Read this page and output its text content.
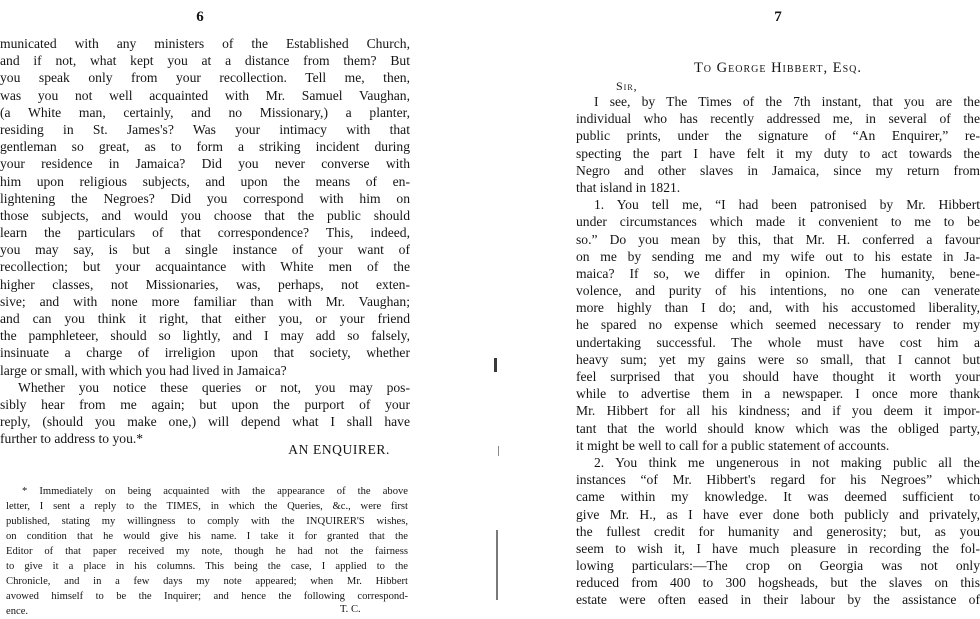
6
municated with any ministers of the Established Church,
and if not, what kept you at a distance from them? But
you speak only from your recollection. Tell me, then,
was you not well acquainted with Mr. Samuel Vaughan,
(a White man, certainly, and no Missionary,) a planter,
residing in St. James's? Was your intimacy with that
gentleman so great, as to form a striking incident during
your residence in Jamaica? Did you never converse with
him upon religious subjects, and upon the means of en-
lightening the Negroes? Did you correspond with him on
those subjects, and would you choose that the public should
learn the particulars of that correspondence? This, indeed,
you may say, is but a single instance of your want of
recollection; but your acquaintance with White men of the
higher classes, not Missionaries, was, perhaps, not exten-
sive; and with none more familiar than with Mr. Vaughan;
and can you think it right, that either you, or your friend
the pamphleteer, should so lightly, and I may add so falsely,
insinuate a charge of irreligion upon that society, whether
large or small, with which you had lived in Jamaica?
Whether you notice these queries or not, you may pos-
sibly hear from me again; but upon the purport of your
reply, (should you make one,) will depend what I shall have
further to address to you.*
AN ENQUIRER.
* Immediately on being acquainted with the appearance of the above
letter, I sent a reply to the TIMES, in which the Queries, &c., were first
published, stating my willingness to comply with the INQUIRER'S wishes,
on condition that he would give his name. I take it for granted that the
Editor of that paper received my note, though he had not the fairness
to give it a place in his columns. This being the case, I applied to the
Chronicle, and in a few days my note appeared; when Mr. Hibbert
avowed himself to be the Inquirer; and hence the following correspond-
ence.	T. C.
7
To George Hibbert, Esq.
Sir,
I see, by The Times of the 7th instant, that you are the
individual who has recently addressed me, in several of the
public prints, under the signature of “An Enquirer,” re-
specting the part I have felt it my duty to act towards the
Negro and other slaves in Jamaica, since my return from
that island in 1821.
1. You tell me, “I had been patronised by Mr. Hibbert
under circumstances which made it convenient to me to be
so.” Do you mean by this, that Mr. H. conferred a favour
on me by sending me and my wife out to his estate in Ja-
maica? If so, we differ in opinion. The humanity, bene-
volence, and purity of his intentions, no one can venerate
more highly than I do; and, with his accustomed liberality,
he spared no expense which seemed necessary to render my
undertaking successful. The whole must have cost him a
heavy sum; yet my gains were so small, that I cannot but
feel surprised that you should have thought it worth your
while to advertise them in a newspaper. I once more thank
Mr. Hibbert for all his kindness; and if you deem it impor-
tant that the world should know which was the obliged party,
it might be well to call for a public statement of accounts.
2. You think me ungenerous in not making public all the
instances “of Mr. Hibbert's regard for his Negroes” which
came within my knowledge. It was deemed sufficient to
give Mr. H., as I have ever done both publicly and privately,
the fullest credit for humanity and generosity; but, as you
seem to wish it, I have much pleasure in recording the fol-
lowing particulars:—The crop on Georgia was not only
reduced from 400 to 300 hogsheads, but the slaves on this
estate were often eased in their labour by the assistance of
